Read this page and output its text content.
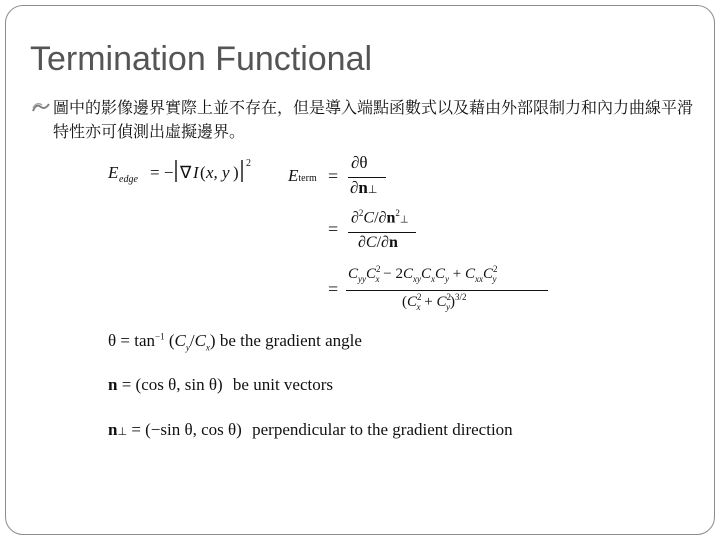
Termination Functional
圖中的影像邊界實際上並不存在，但是導入端點函數式以及藉由外部限制力和內力曲線平滑特性亦可偵測出虛擬邊界。
E edge = − ∇ I ( x, y ) 2
Eterm =
∂θ
∂n⊥
=
$\partial^2C/\partial n^2\perp$
∂C/∂n
=
$C_{yy}C^2_x - 2C_{xy}C_xC_y + C_{xx}C^2_y$
$(C^2_x + C^2_y)^{3/2}$
$\theta = \tan^{-1} (C_y/C_x)$ be the gradient angle
n = (cos θ, sin θ) be unit vectors
n⊥ = (−sin θ, cos θ) perpendicular to the gradient direction
